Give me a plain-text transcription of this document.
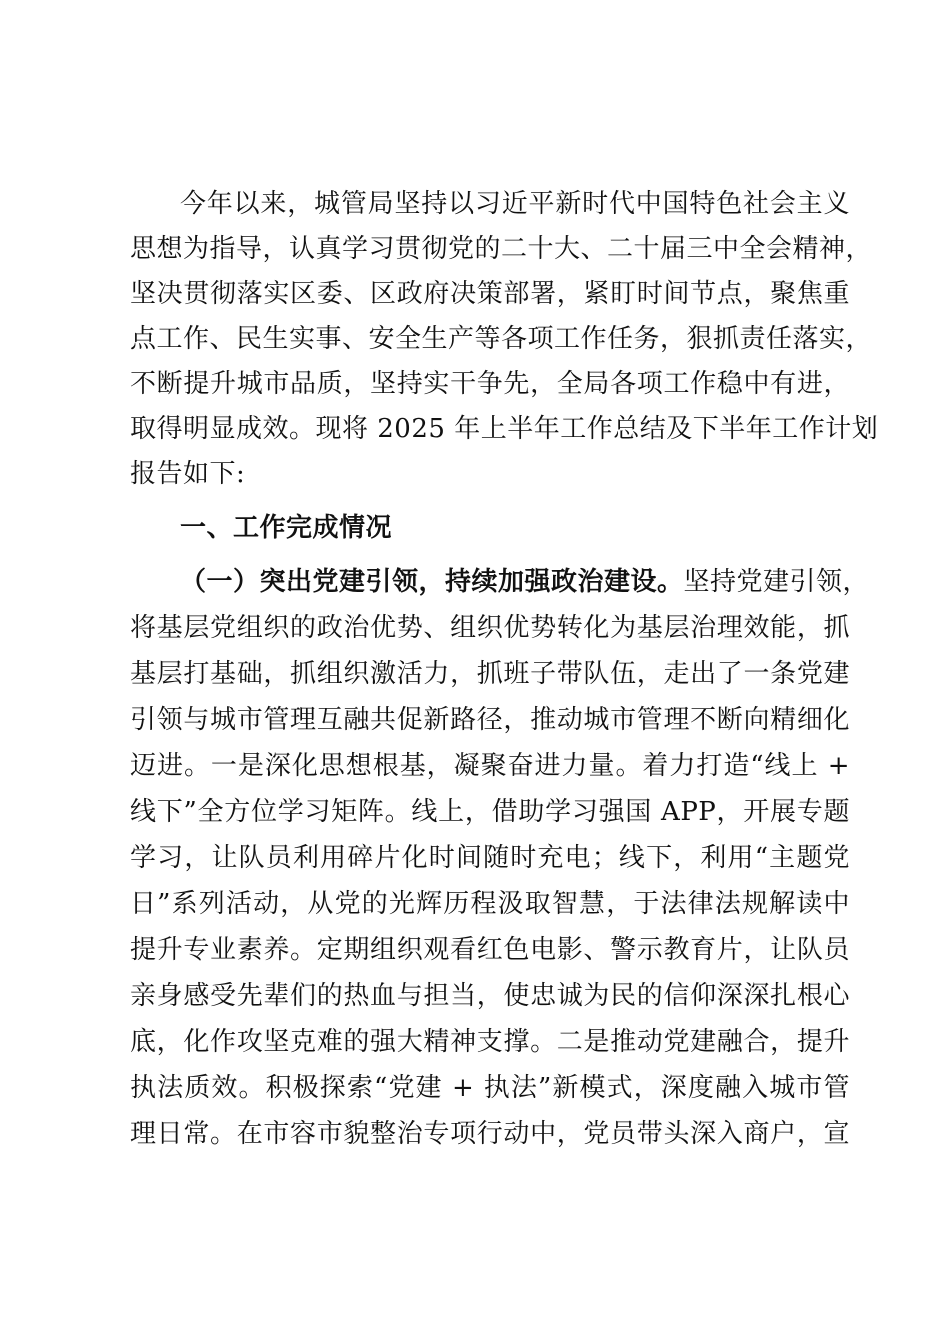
今年以来，城管局坚持以习近平新时代中国特色社会主义
思想为指导，认真学习贯彻党的二十大、二十届三中全会精神，
坚决贯彻落实区委、区政府决策部署，紧盯时间节点，聚焦重
点工作、民生实事、安全生产等各项工作任务，狠抓责任落实，
不断提升城市品质，坚持实干争先，全局各项工作稳中有进，
取得明显成效。现将 2025 年上半年工作总结及下半年工作计划
报告如下:
一、工作完成情况
（一）突出党建引领，持续加强政治建设。坚持党建引领，
将基层党组织的政治优势、组织优势转化为基层治理效能，抓
基层打基础，抓组织激活力，抓班子带队伍，走出了一条党建
引领与城市管理互融共促新路径，推动城市管理不断向精细化
迈进。一是深化思想根基，凝聚奋进力量。着力打造“线上 +
线下”全方位学习矩阵。线上，借助学习强国 APP，开展专题
学习，让队员利用碎片化时间随时充电；线下，利用“主题党
日”系列活动，从党的光辉历程汲取智慧，于法律法规解读中
提升专业素养。定期组织观看红色电影、警示教育片，让队员
亲身感受先辈们的热血与担当，使忠诚为民的信仰深深扎根心
底，化作攻坚克难的强大精神支撑。二是推动党建融合，提升
执法质效。积极探索“党建 + 执法”新模式，深度融入城市管
理日常。在市容市貌整治专项行动中，党员带头深入商户，宣
